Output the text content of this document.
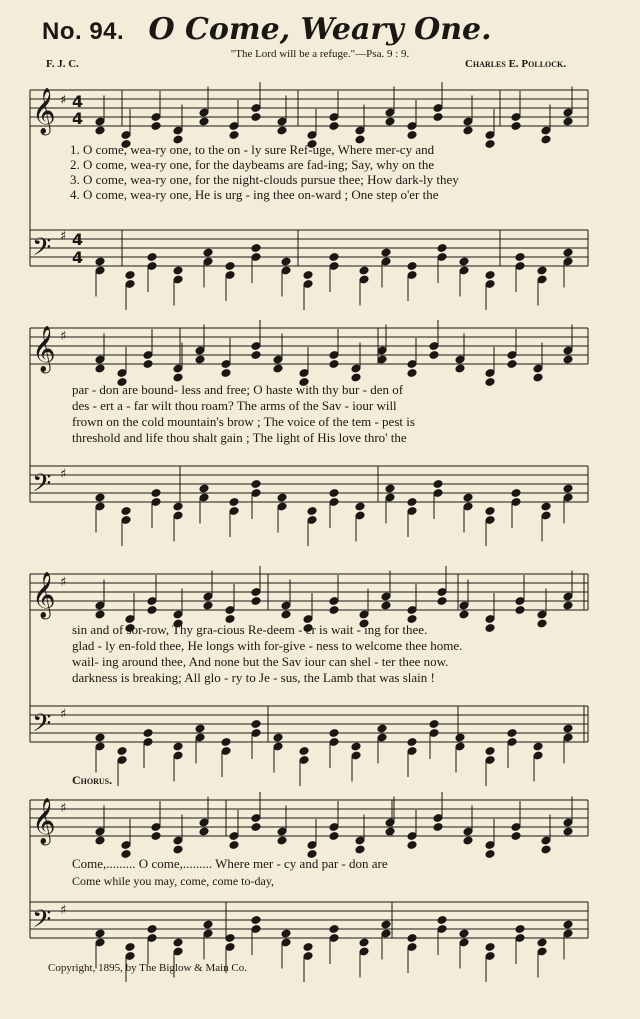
No. 94. O Come, Weary One.
"The Lord will be a refuge."—Psa. 9 : 9.
F. J. C.	Charles E. Pollock.
𝄞
𝄢
𝄞
𝄢
𝄞
𝄢
𝄞
𝄢
♯ 4
4
♯ 4
4
♯
♯
♯
♯
♯
♯
1. O come, wea-ry one, to the on - ly sure Ref-uge, Where mer-cy and
2. O come, wea-ry one, for the daybeams are fad-ing; Say, why on the
3. O come, wea-ry one, for the night-clouds pursue thee; How dark-ly they
4. O come, wea-ry one, He is urg - ing thee on-ward ; One step o'er the
par - don are bound- less and free; O haste with thy bur - den of
des - ert a - far wilt thou roam? The arms of the Sav - iour will
frown on the cold mountain's brow ; The voice of the tem - pest is
threshold and life thou shalt gain ; The light of His love thro' the
sin and of sor-row, Thy gra-cious Re-deem - er is wait - ing for thee.
glad - ly en-fold thee, He longs with for-give - ness to welcome thee home.
wail- ing around thee, And none but the Sav iour can shel - ter thee now.
darkness is breaking; All glo - ry to Je - sus, the Lamb that was slain !
Chorus.
Come,......... O come,......... Where mer - cy and par - don are
Come while you may, come, come to-day,
Copyright, 1895, by The Biglow & Main Co.
